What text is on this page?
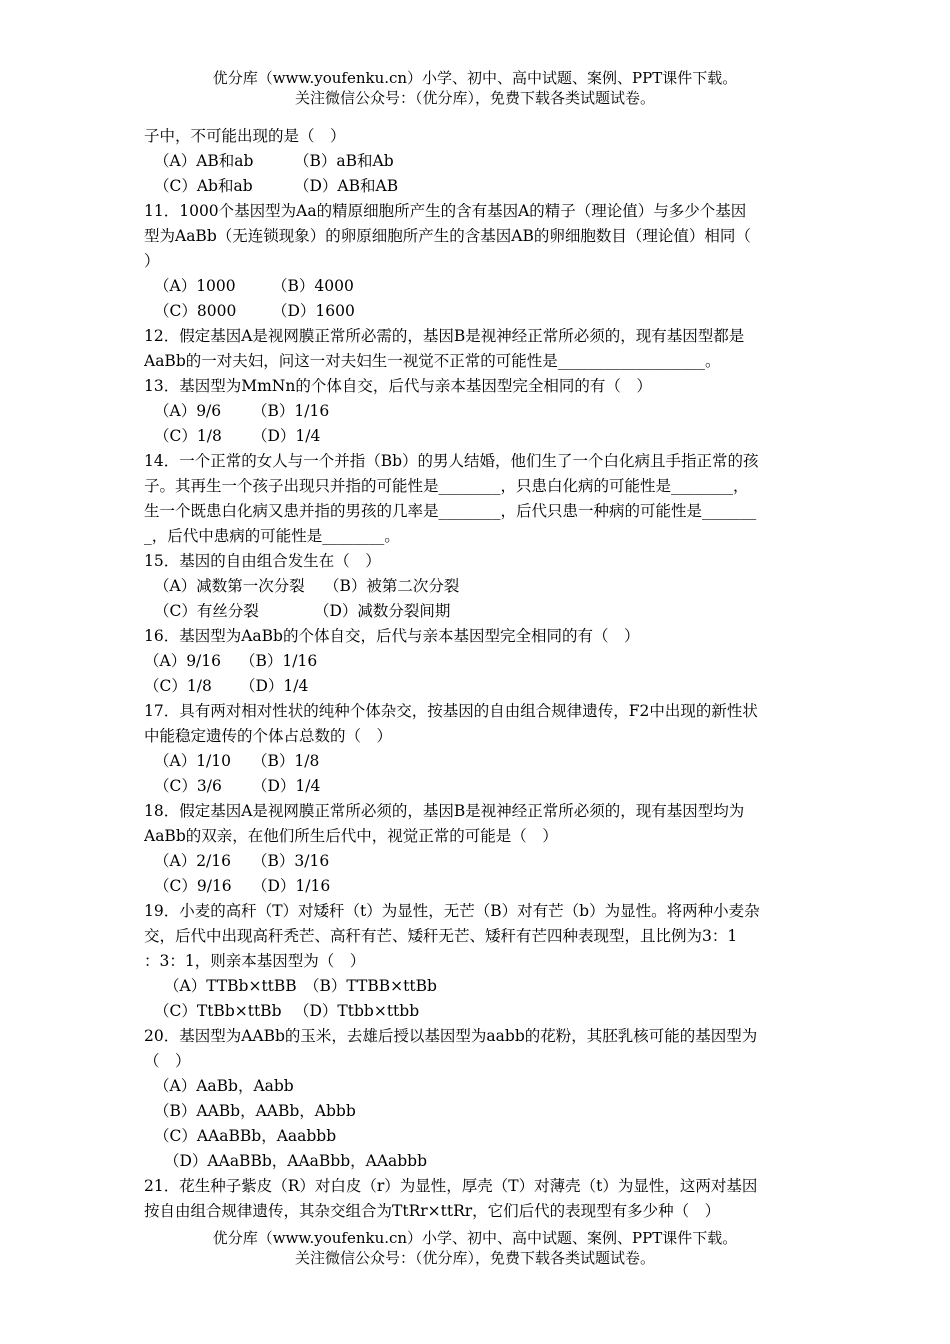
优分库（www.youfenku.cn）小学、初中、高中试题、案例、PPT课件下载。
关注微信公众号：（优分库），免费下载各类试题试卷。
子中，不可能出现的是（　）
（A）AB和ab	（B）aB和Ab
（C）Ab和ab	（D）AB和AB
11．1000个基因型为Aa的精原细胞所产生的含有基因A的精子（理论值）与多少个基因
型为AaBb（无连锁现象）的卵原细胞所产生的含基因AB的卵细胞数目（理论值）相同（
）
（A）1000 （B）4000
（C）8000 （D）1600
12．假定基因A是视网膜正常所必需的，基因B是视神经正常所必须的，现有基因型都是
AaBb的一对夫妇，问这一对夫妇生一视觉不正常的可能性是___________________。
13．基因型为MmNn的个体自交，后代与亲本基因型完全相同的有（　）
（A）9/6 （B）1/16
（C）1/8 （D）1/4
14．一个正常的女人与一个并指（Bb）的男人结婚，他们生了一个白化病且手指正常的孩
子。其再生一个孩子出现只并指的可能性是________，只患白化病的可能性是________，
生一个既患白化病又患并指的男孩的几率是________，后代只患一种病的可能性是_______
_，后代中患病的可能性是________。
15．基因的自由组合发生在（　）
（A）减数第一次分裂 （B）被第二次分裂
（C）有丝分裂	（D）减数分裂间期
16．基因型为AaBb的个体自交，后代与亲本基因型完全相同的有（　）
（A）9/16 （B）1/16
（C）1/8 （D）1/4
17．具有两对相对性状的纯种个体杂交，按基因的自由组合规律遗传，F2中出现的新性状
中能稳定遗传的个体占总数的（　）
（A）1/10 （B）1/8
（C）3/6 （D）1/4
18．假定基因A是视网膜正常所必须的，基因B是视神经正常所必须的，现有基因型均为
AaBb的双亲，在他们所生后代中，视觉正常的可能是（　）
（A）2/16 （B）3/16
（C）9/16 （D）1/16
19．小麦的高秆（T）对矮秆（t）为显性，无芒（B）对有芒（b）为显性。将两种小麦杂
交，后代中出现高秆秃芒、高秆有芒、矮秆无芒、矮秆有芒四种表现型，且比例为3：1
：3：1，则亲本基因型为（　）
（A）TTBb×ttBB （B）TTBB×ttBb
（C）TtBb×ttBb （D）Ttbb×ttbb
20．基因型为AABb的玉米，去雄后授以基因型为aabb的花粉，其胚乳核可能的基因型为
（　）
（A）AaBb，Aabb
（B）AABb，AABb，Abbb
（C）AAaBBb，Aaabbb
（D）AAaBBb，AAaBbb，AAabbb
21．花生种子紫皮（R）对白皮（r）为显性，厚壳（T）对薄壳（t）为显性，这两对基因
按自由组合规律遗传，其杂交组合为TtRr×ttRr，它们后代的表现型有多少种（　）
优分库（www.youfenku.cn）小学、初中、高中试题、案例、PPT课件下载。
关注微信公众号：（优分库），免费下载各类试题试卷。
